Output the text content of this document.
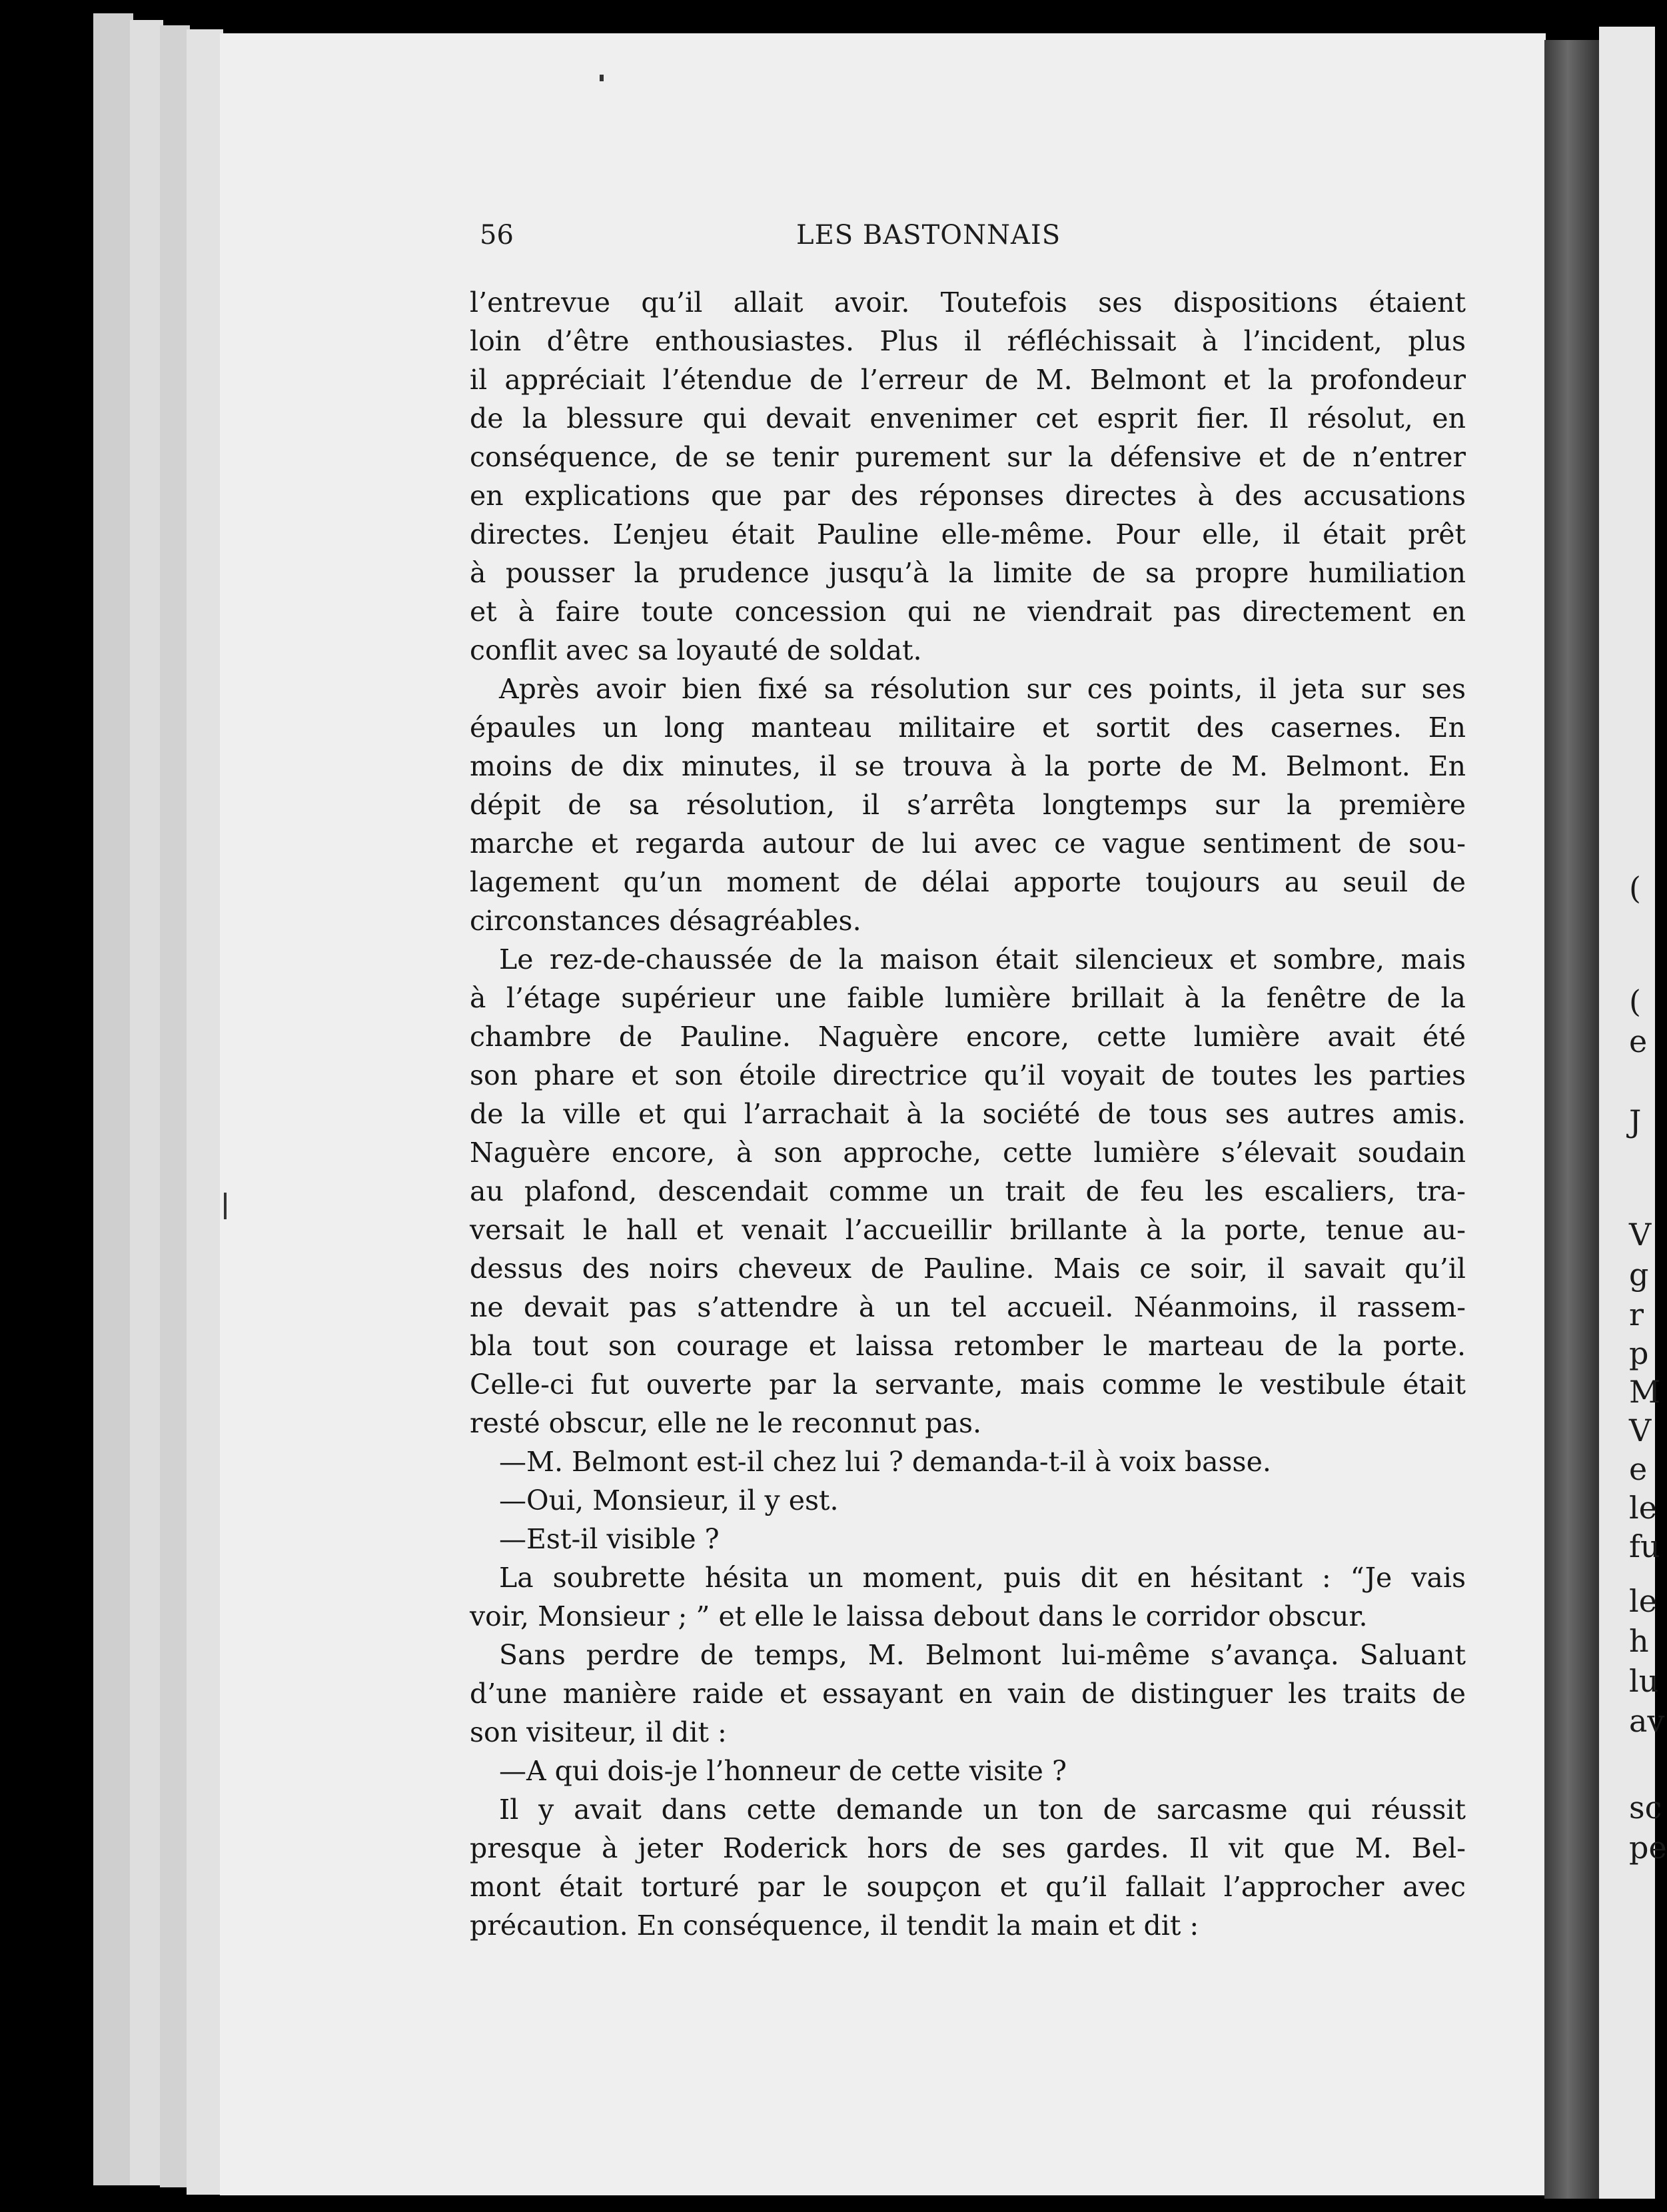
56	LES BASTONNAIS
l’entrevue qu’il allait avoir. Toutefois ses dispositions étaient
loin d’être enthousiastes. Plus il réfléchissait à l’incident, plus
il appréciait l’étendue de l’erreur de M. Belmont et la profondeur
de la blessure qui devait envenimer cet esprit fier. Il résolut, en
conséquence, de se tenir purement sur la défensive et de n’entrer
en explications que par des réponses directes à des accusations
directes. L’enjeu était Pauline elle-même. Pour elle, il était prêt
à pousser la prudence jusqu’à la limite de sa propre humiliation
et à faire toute concession qui ne viendrait pas directement en
conflit avec sa loyauté de soldat.
Après avoir bien fixé sa résolution sur ces points, il jeta sur ses
épaules un long manteau militaire et sortit des casernes. En
moins de dix minutes, il se trouva à la porte de M. Belmont. En
dépit de sa résolution, il s’arrêta longtemps sur la première
marche et regarda autour de lui avec ce vague sentiment de sou-
lagement qu’un moment de délai apporte toujours au seuil de
circonstances désagréables.
Le rez-de-chaussée de la maison était silencieux et sombre, mais
à l’étage supérieur une faible lumière brillait à la fenêtre de la
chambre de Pauline. Naguère encore, cette lumière avait été
son phare et son étoile directrice qu’il voyait de toutes les parties
de la ville et qui l’arrachait à la société de tous ses autres amis.
Naguère encore, à son approche, cette lumière s’élevait soudain
au plafond, descendait comme un trait de feu les escaliers, tra-
versait le hall et venait l’accueillir brillante à la porte, tenue au-
dessus des noirs cheveux de Pauline. Mais ce soir, il savait qu’il
ne devait pas s’attendre à un tel accueil. Néanmoins, il rassem-
bla tout son courage et laissa retomber le marteau de la porte.
Celle-ci fut ouverte par la servante, mais comme le vestibule était
resté obscur, elle ne le reconnut pas.
—M. Belmont est-il chez lui ? demanda-t-il à voix basse.
—Oui, Monsieur, il y est.
—Est-il visible ?
La soubrette hésita un moment, puis dit en hésitant : “Je vais
voir, Monsieur ; ” et elle le laissa debout dans le corridor obscur.
Sans perdre de temps, M. Belmont lui-même s’avança. Saluant
d’une manière raide et essayant en vain de distinguer les traits de
son visiteur, il dit :
—A qui dois-je l’honneur de cette visite ?
Il y avait dans cette demande un ton de sarcasme qui réussit
presque à jeter Roderick hors de ses gardes. Il vit que M. Bel-
mont était torturé par le soupçon et qu’il fallait l’approcher avec
précaution. En conséquence, il tendit la main et dit :
(
(
e
J
V
g
r
p
M
V
e
le
fu
le
h
lu
av
sc
pe
